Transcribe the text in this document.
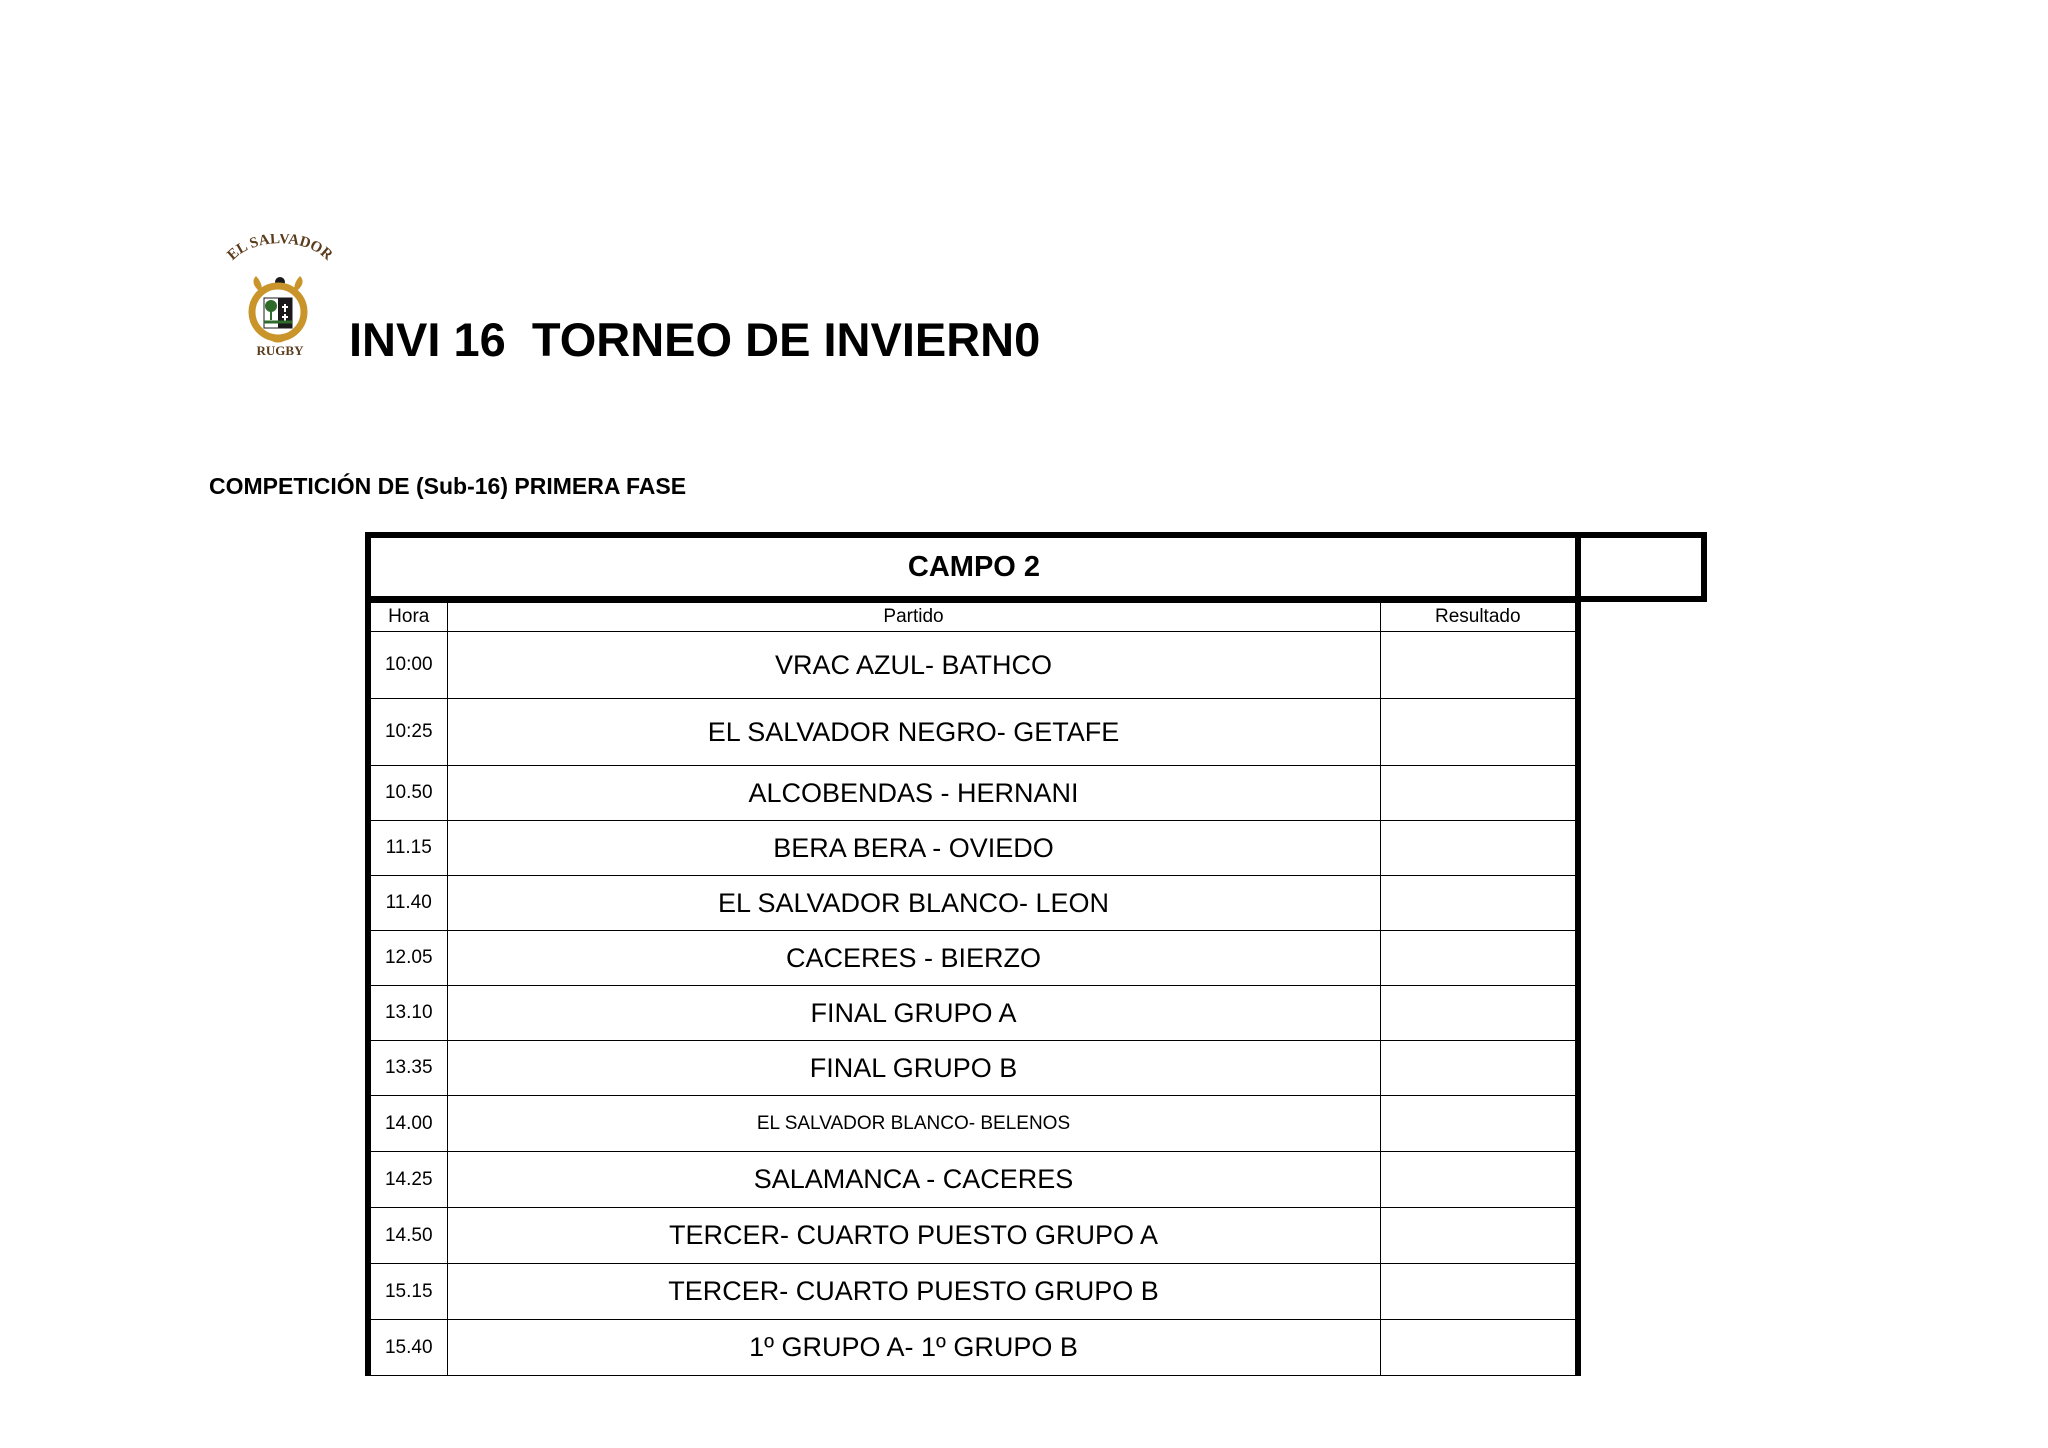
EL SALVADOR
RUGBY INVI 16  TORNEO DE INVIERN0
COMPETICIÓN DE (Sub-16) PRIMERA FASE
CAMPO 2
Hora	Partido	Resultado
10:00	VRAC AZUL- BATHCO	
10:25	EL SALVADOR NEGRO- GETAFE	
10.50	ALCOBENDAS - HERNANI	
11.15	BERA BERA - OVIEDO	
11.40	EL SALVADOR BLANCO- LEON	
12.05	CACERES - BIERZO	
13.10	FINAL GRUPO A	
13.35	FINAL GRUPO B	
14.00	EL SALVADOR BLANCO- BELENOS	
14.25	SALAMANCA - CACERES	
14.50	TERCER- CUARTO PUESTO GRUPO A	
15.15	TERCER- CUARTO PUESTO GRUPO B	
15.40	1º GRUPO A- 1º GRUPO B	
